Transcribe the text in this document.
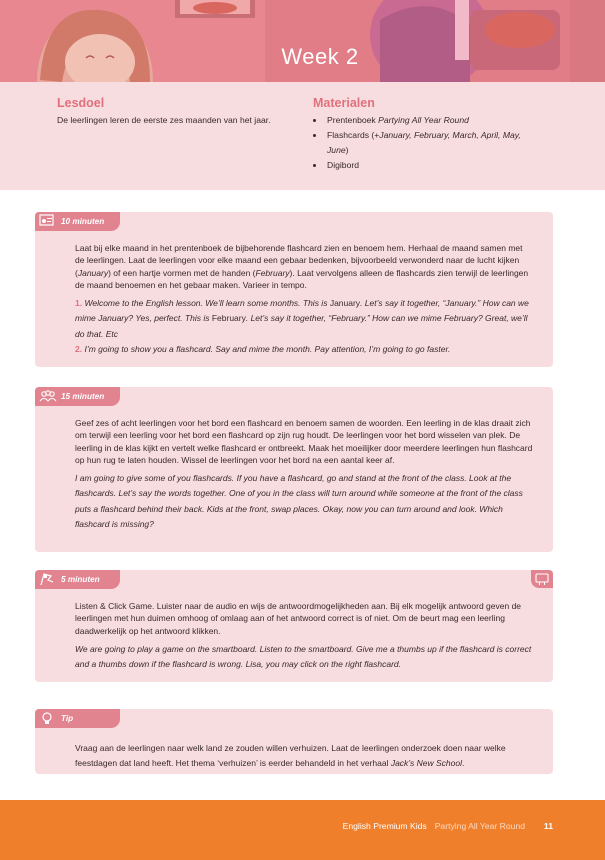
Week 2
Lesdoel

De leerlingen leren de eerste zes maanden van het jaar.

Materialen
• Prentenboek Partying All Year Round
• Flashcards (+January, February, March, April, May,
June)
• Digibord
10 minuten

Laat bij elke maand in het prentenboek de bijbehorende flashcard zien en benoem hem. Herhaal de maand samen met de leerlingen. Laat de leerlingen voor elke maand een gebaar bedenken, bijvoorbeeld verwonderd naar de lucht kijken (January) of een hartje vormen met de handen (February). Laat vervolgens alleen de flashcards zien terwijl de leerlingen de maand benoemen en het gebaar maken. Varieer in tempo.

1. Welcome to the English lesson. We’ll learn some months. This is January. Let’s say it together, “January.” How can we mime January? Yes, perfect. This is February. Let’s say it together, “February.” How can we mime February? Great, we’ll do that. Etc
2. I’m going to show you a flashcard. Say and mime the month. Pay attention, I’m going to go faster.

15 minuten

Geef zes of acht leerlingen voor het bord een flashcard en benoem samen de woorden. Een leerling in de klas draait zich om terwijl een leerling voor het bord een flashcard op zijn rug houdt. De leerlingen voor het bord wisselen van plek. De leerling in de klas kijkt en vertelt welke flashcard er ontbreekt. Maak het moeilijker door meerdere leerlingen hun flashcard op hun rug te laten houden. Wissel de leerlingen voor het bord na een aantal keer af.

I am going to give some of you flashcards. If you have a flashcard, go and stand at the front of the class. Look at the flashcards. Let’s say the words together. One of you in the class will turn around while someone at the front of the class puts a flashcard behind their back. Kids at the front, swap places. Okay, now you can turn around and look. Which flashcard is missing?

5 minuten

Listen & Click Game. Luister naar de audio en wijs de antwoordmogelijkheden aan. Bij elk mogelijk antwoord geven de leerlingen met hun duimen omhoog of omlaag aan of het antwoord correct is of niet. Om de beurt mag een leerling daadwerkelijk op het antwoord klikken.

We are going to play a game on the smartboard. Listen to the smartboard. Give me a thumbs up if the flashcard is correct and a thumbs down if the flashcard is wrong. Lisa, you may click on the right flashcard.

Tip

Vraag aan de leerlingen naar welk land ze zouden willen verhuizen. Laat de leerlingen onderzoek doen naar welke feestdagen dat land heeft. Het thema ‘verhuizen’ is eerder behandeld in het verhaal Jack’s New School.

English Premium Kids Partying All Year Round 11
